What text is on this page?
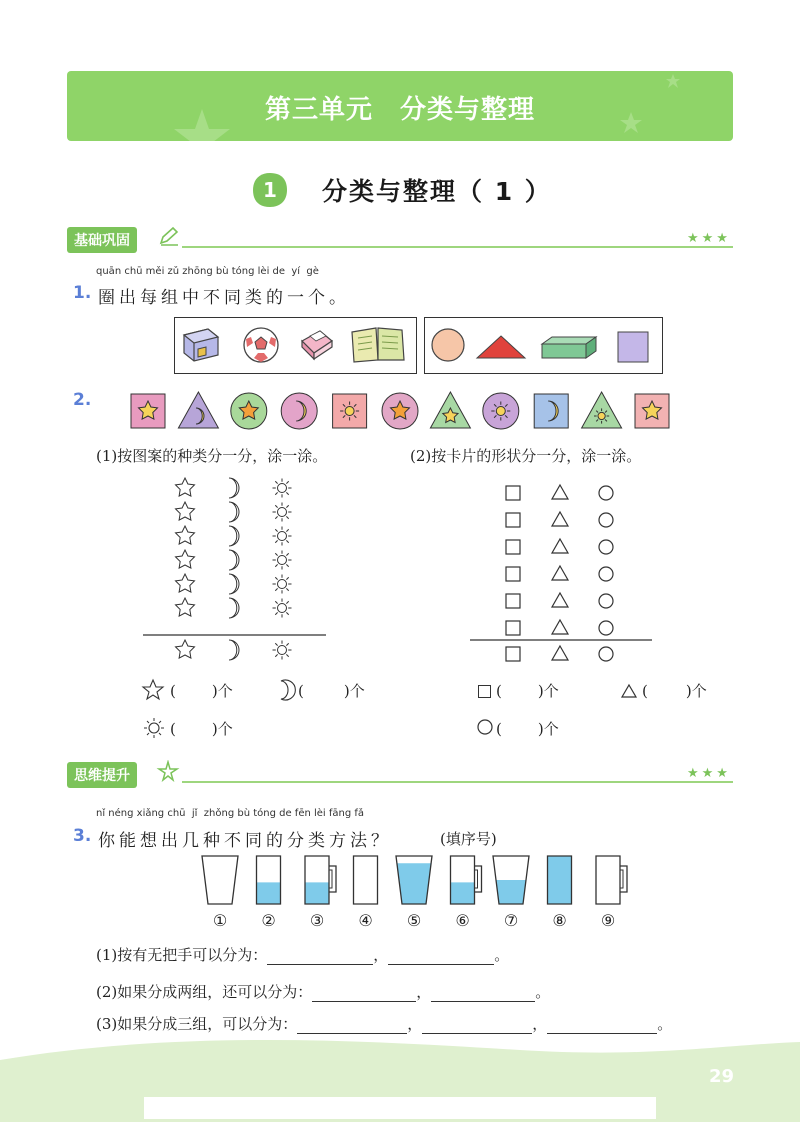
29
第三单元　分类与整理
1 分类与整理（ 1 ）
基础巩固	★★★
quān chū měi zǔ zhōng bù tóng lèi de  yí  gè
1. 圈出每组中不同类的一个。
2.
(1)按图案的种类分一分，涂一涂。	(2)按卡片的形状分一分，涂一涂。
( )个	(	)个
( )个
( )个	(	)个
( )个
思维提升	★★★
nǐ néng xiǎng chū  jǐ  zhǒng bù tóng de fēn lèi fāng fǎ
3. 你能想出几种不同的分类方法？	(填序号)
① ② ③ ④ ⑤ ⑥ ⑦ ⑧ ⑨
(1)按有无把手可以分为：	，	。
(2)如果分成两组，还可以分为：	，	。
(3)如果分成三组，可以分为：	，	，	。
